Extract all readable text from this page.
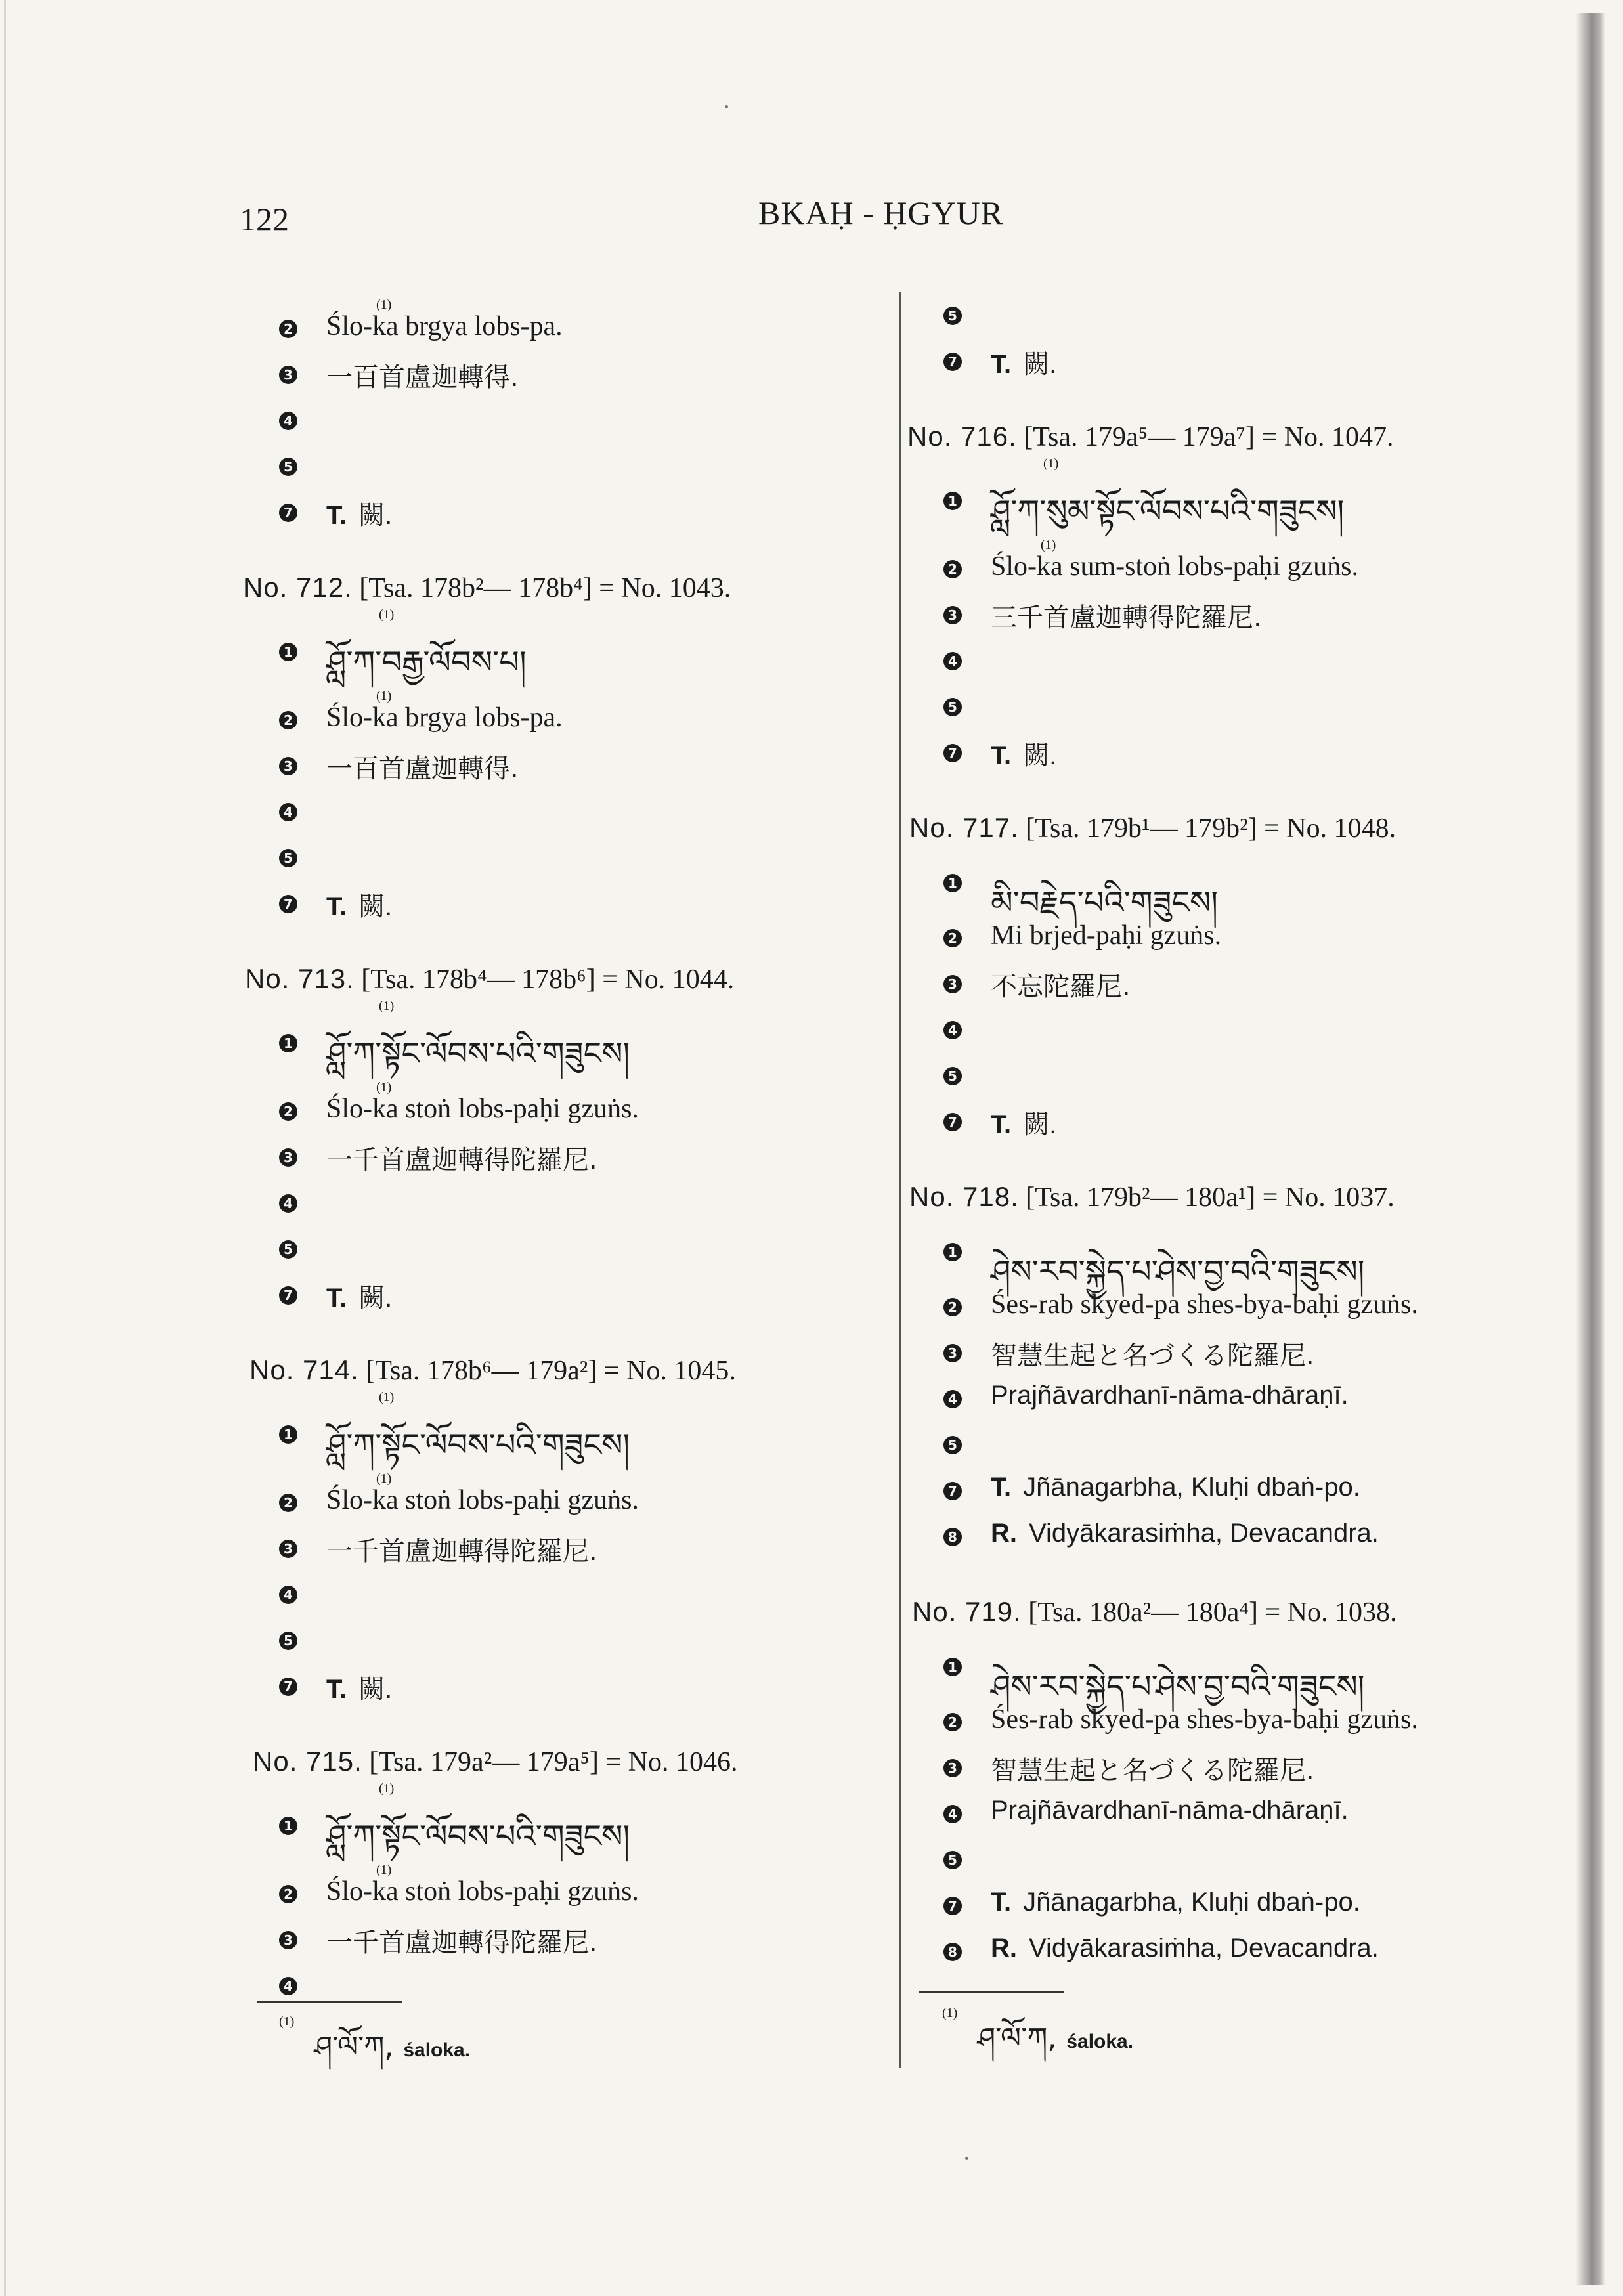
122	BKAḤ - ḤGYUR
2
(1)
Ślo-ka brgya lobs-pa.
3 一百首盧迦轉得.
4
5
7 T. 闕.
No. 712. [Tsa. 178b²— 178b⁴] = No. 1043.
1
(1)
ཤློ་ཀ་བརྒྱ་ལོབས་པ།
2
(1)
Ślo-ka brgya lobs-pa.
3 一百首盧迦轉得.
4
5
7 T. 闕.
No. 713. [Tsa. 178b⁴— 178b⁶] = No. 1044.
1
(1)
ཤློ་ཀ་སྟོང་ལོབས་པའི་གཟུངས།
2
(1)
Ślo-ka stoṅ lobs-paḥi gzuṅs.
3 一千首盧迦轉得陀羅尼.
4
5
7 T. 闕.
No. 714. [Tsa. 178b⁶— 179a²] = No. 1045.
1
(1)
ཤློ་ཀ་སྟོང་ལོབས་པའི་གཟུངས།
2
(1)
Ślo-ka stoṅ lobs-paḥi gzuṅs.
3 一千首盧迦轉得陀羅尼.
4
5
7 T. 闕.
No. 715. [Tsa. 179a²— 179a⁵] = No. 1046.
1
(1)
ཤློ་ཀ་སྟོང་ལོབས་པའི་གཟུངས།
2
(1)
Ślo-ka stoṅ lobs-paḥi gzuṅs.
3 一千首盧迦轉得陀羅尼.
4
$^{(1)}$ཤ་ལོ་ཀ, śaloka.
5
7 T. 闕.
No. 716. [Tsa. 179a⁵— 179a⁷] = No. 1047.
1
(1)
ཤློ་ཀ་སུམ་སྟོང་ལོབས་པའི་གཟུངས།
2
(1)
Ślo-ka sum-stoṅ lobs-paḥi gzuṅs.
3 三千首盧迦轉得陀羅尼.
4
5
7 T. 闕.
No. 717. [Tsa. 179b¹— 179b²] = No. 1048.
1
མི་བརྗེད་པའི་གཟུངས།
2 Mi brjed-paḥi gzuṅs.
3 不忘陀羅尼.
4
5
7 T. 闕.
No. 718. [Tsa. 179b²— 180a¹] = No. 1037.
1
ཤེས་རབ་སྐྱེད་པ་ཤེས་བྱ་བའི་གཟུངས།
2 Śes-rab skyed-pa shes-bya-baḥi gzuṅs.
3 智慧生起と名づくる陀羅尼.
4 Prajñāvardhanī-nāma-dhāraṇī.
5
7 T. Jñānagarbha, Kluḥi dbaṅ-po.
8 R. Vidyākarasiṁha, Devacandra.
No. 719. [Tsa. 180a²— 180a⁴] = No. 1038.
1
ཤེས་རབ་སྐྱེད་པ་ཤེས་བྱ་བའི་གཟུངས།
2 Śes-rab skyed-pa shes-bya-baḥi gzuṅs.
3 智慧生起と名づくる陀羅尼.
4 Prajñāvardhanī-nāma-dhāraṇī.
5
7 T. Jñānagarbha, Kluḥi dbaṅ-po.
8 R. Vidyākarasiṁha, Devacandra.
$^{(1)}$ཤ་ལོ་ཀ, śaloka.
